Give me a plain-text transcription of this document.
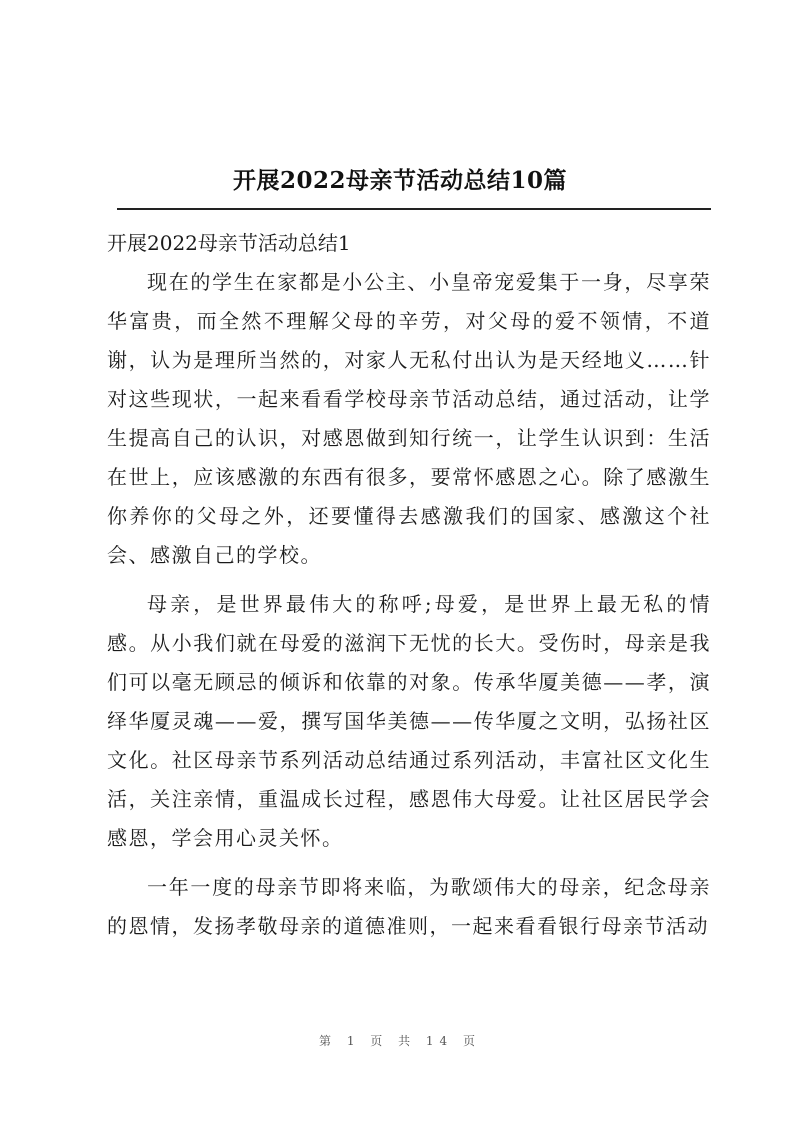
开展2022母亲节活动总结10篇
开展2022母亲节活动总结1

现在的学生在家都是小公主、小皇帝宠爱集于一身，尽享荣华富贵，而全然不理解父母的辛劳，对父母的爱不领情，不道谢，认为是理所当然的，对家人无私付出认为是天经地义……针对这些现状，一起来看看学校母亲节活动总结，通过活动，让学生提高自己的认识，对感恩做到知行统一，让学生认识到：生活在世上，应该感激的东西有很多，要常怀感恩之心。除了感激生你养你的父母之外，还要懂得去感激我们的国家、感激这个社会、感激自己的学校。

母亲，是世界最伟大的称呼;母爱，是世界上最无私的情感。从小我们就在母爱的滋润下无忧的长大。受伤时，母亲是我们可以毫无顾忌的倾诉和依靠的对象。传承华厦美德——孝，演绎华厦灵魂——爱，撰写国华美德——传华厦之文明，弘扬社区文化。社区母亲节系列活动总结通过系列活动，丰富社区文化生活，关注亲情，重温成长过程，感恩伟大母爱。让社区居民学会感恩，学会用心灵关怀。

一年一度的母亲节即将来临，为歌颂伟大的母亲，纪念母亲的恩情，发扬孝敬母亲的道德准则，一起来看看银行母亲节活动

第 1 页 共 14 页
